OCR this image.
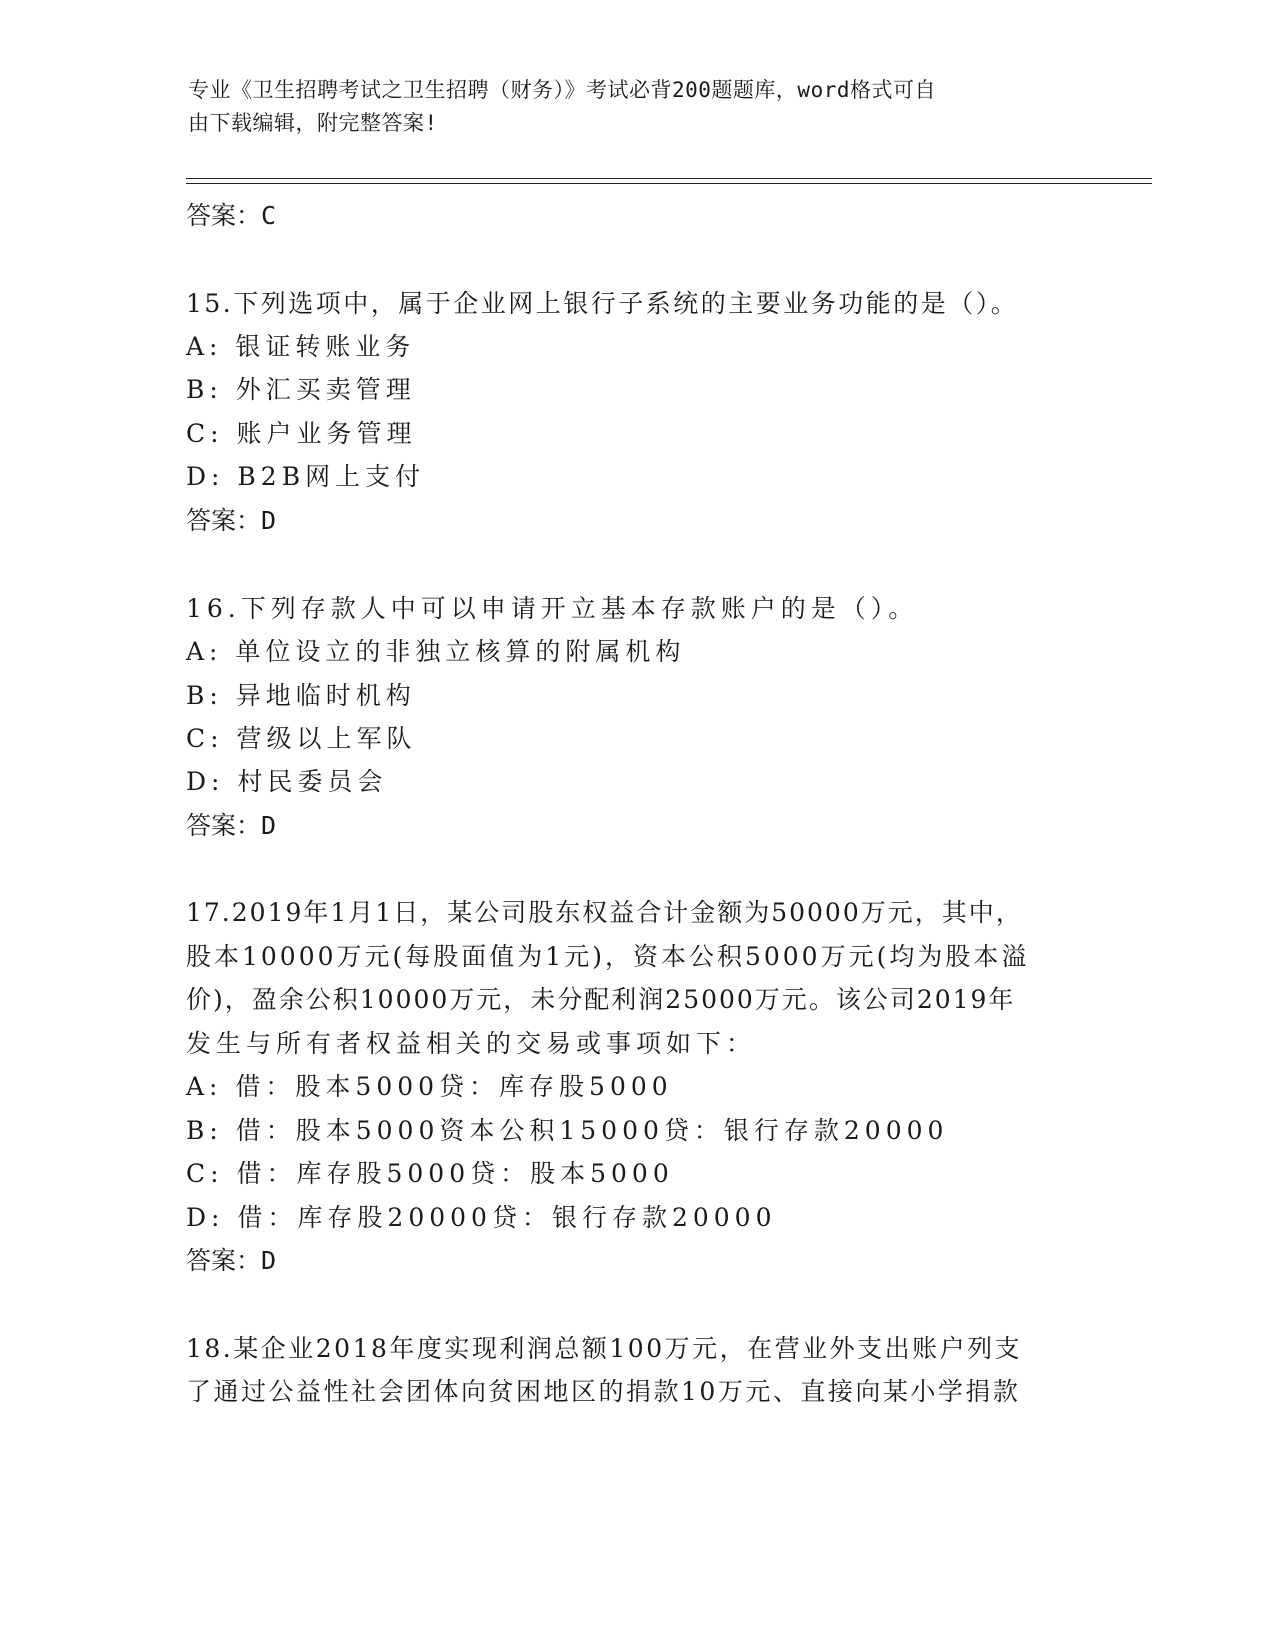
专业《卫生招聘考试之卫生招聘（财务）》考试必背200题题库，word格式可自
由下载编辑，附完整答案!
答案：C
15.下列选项中，属于企业网上银行子系统的主要业务功能的是（）。
A: 银证转账业务
B: 外汇买卖管理
C: 账户业务管理
D: B2B网上支付
答案：D
16.下列存款人中可以申请开立基本存款账户的是（）。
A: 单位设立的非独立核算的附属机构
B: 异地临时机构
C: 营级以上军队
D: 村民委员会
答案：D
17.2019年1月1日，某公司股东权益合计金额为50000万元，其中，
股本10000万元(每股面值为1元)，资本公积5000万元(均为股本溢
价)，盈余公积10000万元，未分配利润25000万元。该公司2019年
发生与所有者权益相关的交易或事项如下：
A: 借：股本5000贷：库存股5000
B: 借：股本5000资本公积15000贷：银行存款20000
C: 借：库存股5000贷：股本5000
D: 借：库存股20000贷：银行存款20000
答案：D
18.某企业2018年度实现利润总额100万元，在营业外支出账户列支
了通过公益性社会团体向贫困地区的捐款10万元、直接向某小学捐款
